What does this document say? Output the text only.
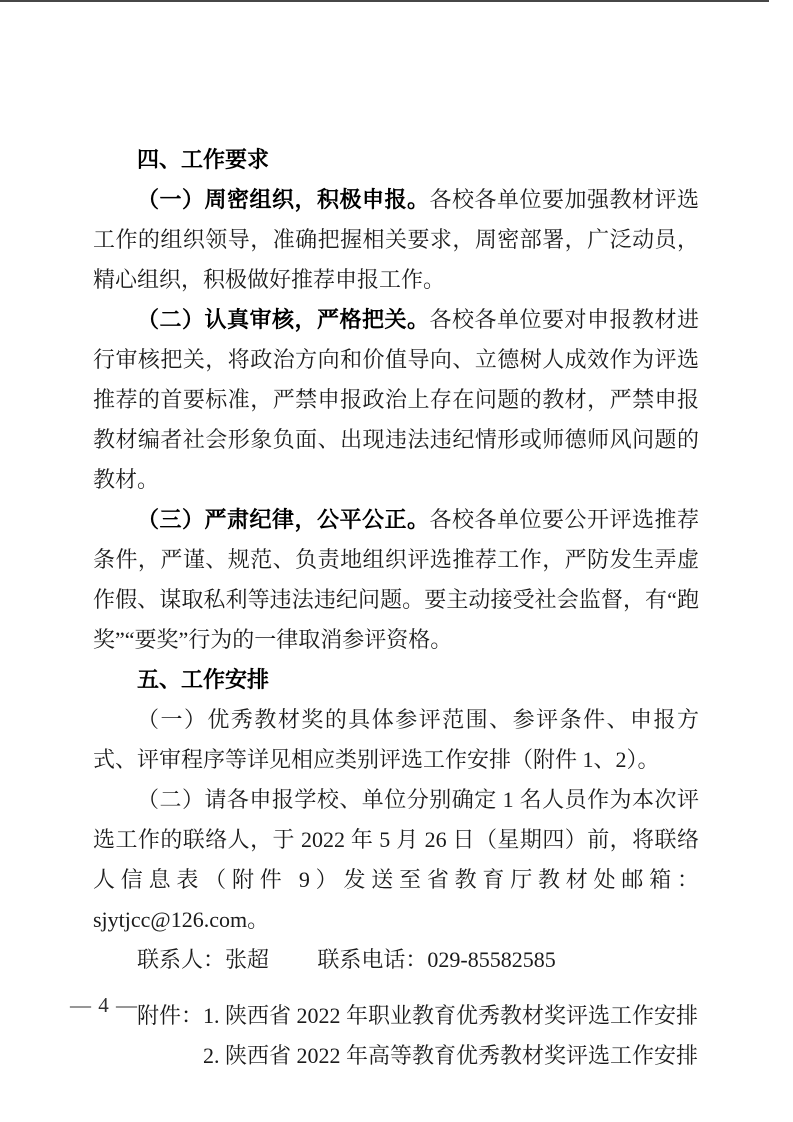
四、工作要求

（一）周密组织，积极申报。各校各单位要加强教材评选工作的组织领导，准确把握相关要求，周密部署，广泛动员，精心组织，积极做好推荐申报工作。

（二）认真审核，严格把关。各校各单位要对申报教材进行审核把关，将政治方向和价值导向、立德树人成效作为评选推荐的首要标准，严禁申报政治上存在问题的教材，严禁申报教材编者社会形象负面、出现违法违纪情形或师德师风问题的教材。

（三）严肃纪律，公平公正。各校各单位要公开评选推荐条件，严谨、规范、负责地组织评选推荐工作，严防发生弄虚作假、谋取私利等违法违纪问题。要主动接受社会监督，有“跑奖”“要奖”行为的一律取消参评资格。

五、工作安排

（一）优秀教材奖的具体参评范围、参评条件、申报方式、评审程序等详见相应类别评选工作安排（附件 1、2）。

（二）请各申报学校、单位分别确定 1 名人员作为本次评选工作的联络人，于 2022 年 5 月 26 日（星期四）前，将联络人信息表（附件 9）发送至省教育厅教材处邮箱：sjytjcc@126.com。

联系人：张超 联系电话：029-85582585

附件： 1. 陕西省 2022 年职业教育优秀教材奖评选工作安排
2. 陕西省 2022 年高等教育优秀教材奖评选工作安排
— 4 —
